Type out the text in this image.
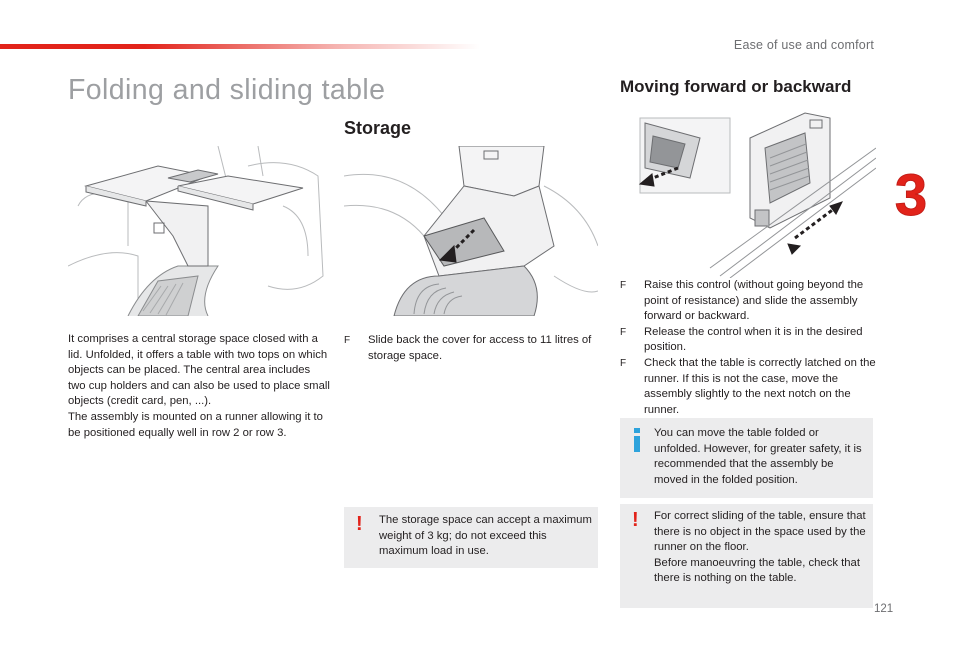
Ease of use and comfort
3
Folding and sliding table
It comprises a central storage space closed with a lid. Unfolded, it offers a table with two tops on which objects can be placed. The central area includes two cup holders and can also be used to place small objects (credit card, pen, ...).
The assembly is mounted on a runner allowing it to be positioned equally well in row 2 or row 3.
Storage
F Slide back the cover for access to 11 litres of storage space.
Moving forward or backward
F Raise this control (without going beyond the point of resistance) and slide the assembly forward or backward.
F Release the control when it is in the desired position.
F Check that the table is correctly latched on the runner. If this is not the case, move the assembly slightly to the next notch on the runner.
You can move the table folded or unfolded. However, for greater safety, it is recommended that the assembly be moved in the folded position.
! The storage space can accept a maximum weight of 3 kg; do not exceed this maximum load in use.
! For correct sliding of the table, ensure that there is no object in the space used by the runner on the floor.
Before manoeuvring the table, check that there is nothing on the table.
121
